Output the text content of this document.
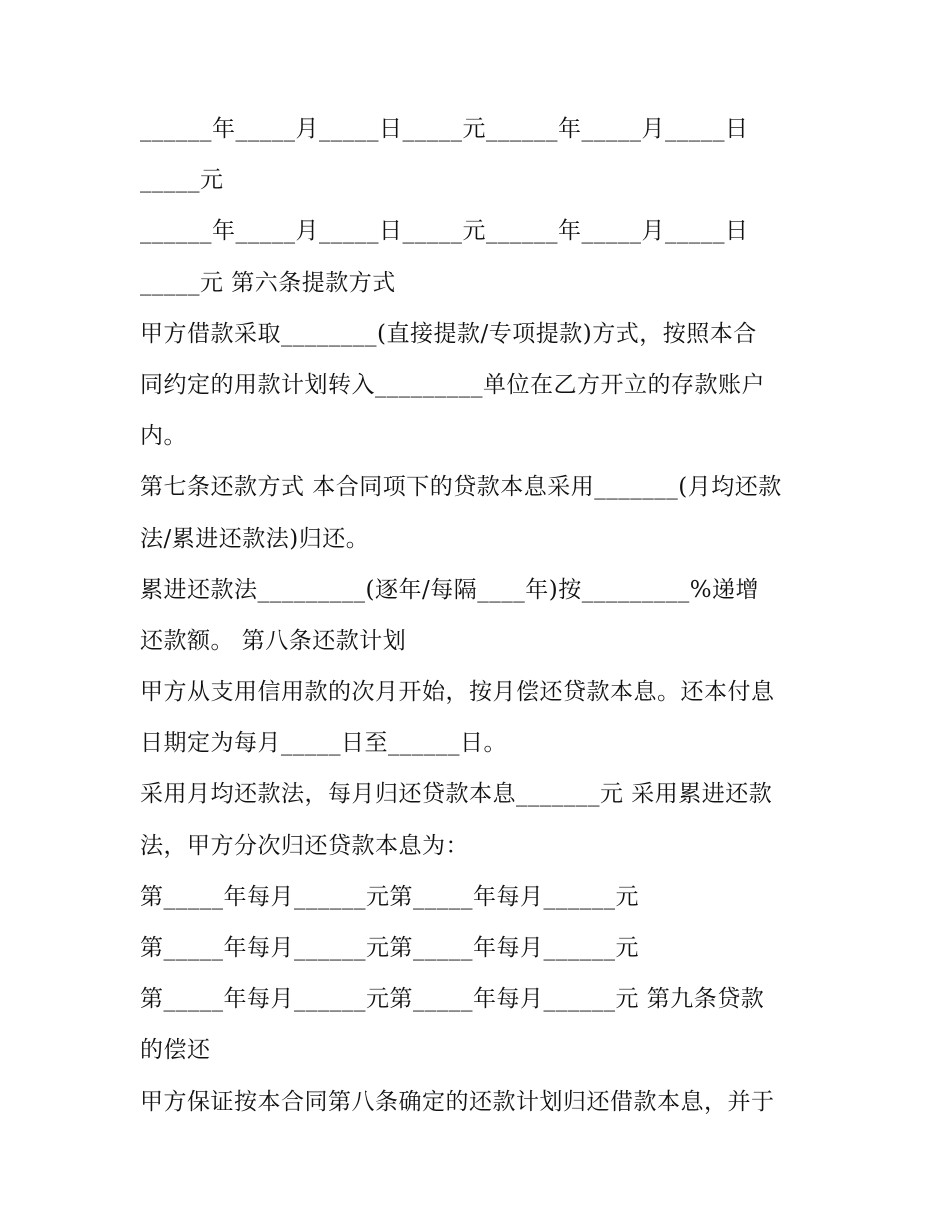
______年_____月_____日_____元______年_____月_____日
_____元
______年_____月_____日_____元______年_____月_____日
_____元 第六条提款方式
甲方借款采取________(直接提款/专项提款)方式，按照本合
同约定的用款计划转入_________单位在乙方开立的存款账户
内。
第七条还款方式 本合同项下的贷款本息采用_______(月均还款
法/累进还款法)归还。
累进还款法_________(逐年/每隔____年)按_________%递增
还款额。 第八条还款计划
甲方从支用信用款的次月开始，按月偿还贷款本息。还本付息
日期定为每月_____日至______日。
采用月均还款法，每月归还贷款本息_______元 采用累进还款
法，甲方分次归还贷款本息为：
第_____年每月______元第_____年每月______元
第_____年每月______元第_____年每月______元
第_____年每月______元第_____年每月______元 第九条贷款
的偿还
甲方保证按本合同第八条确定的还款计划归还借款本息，并于
